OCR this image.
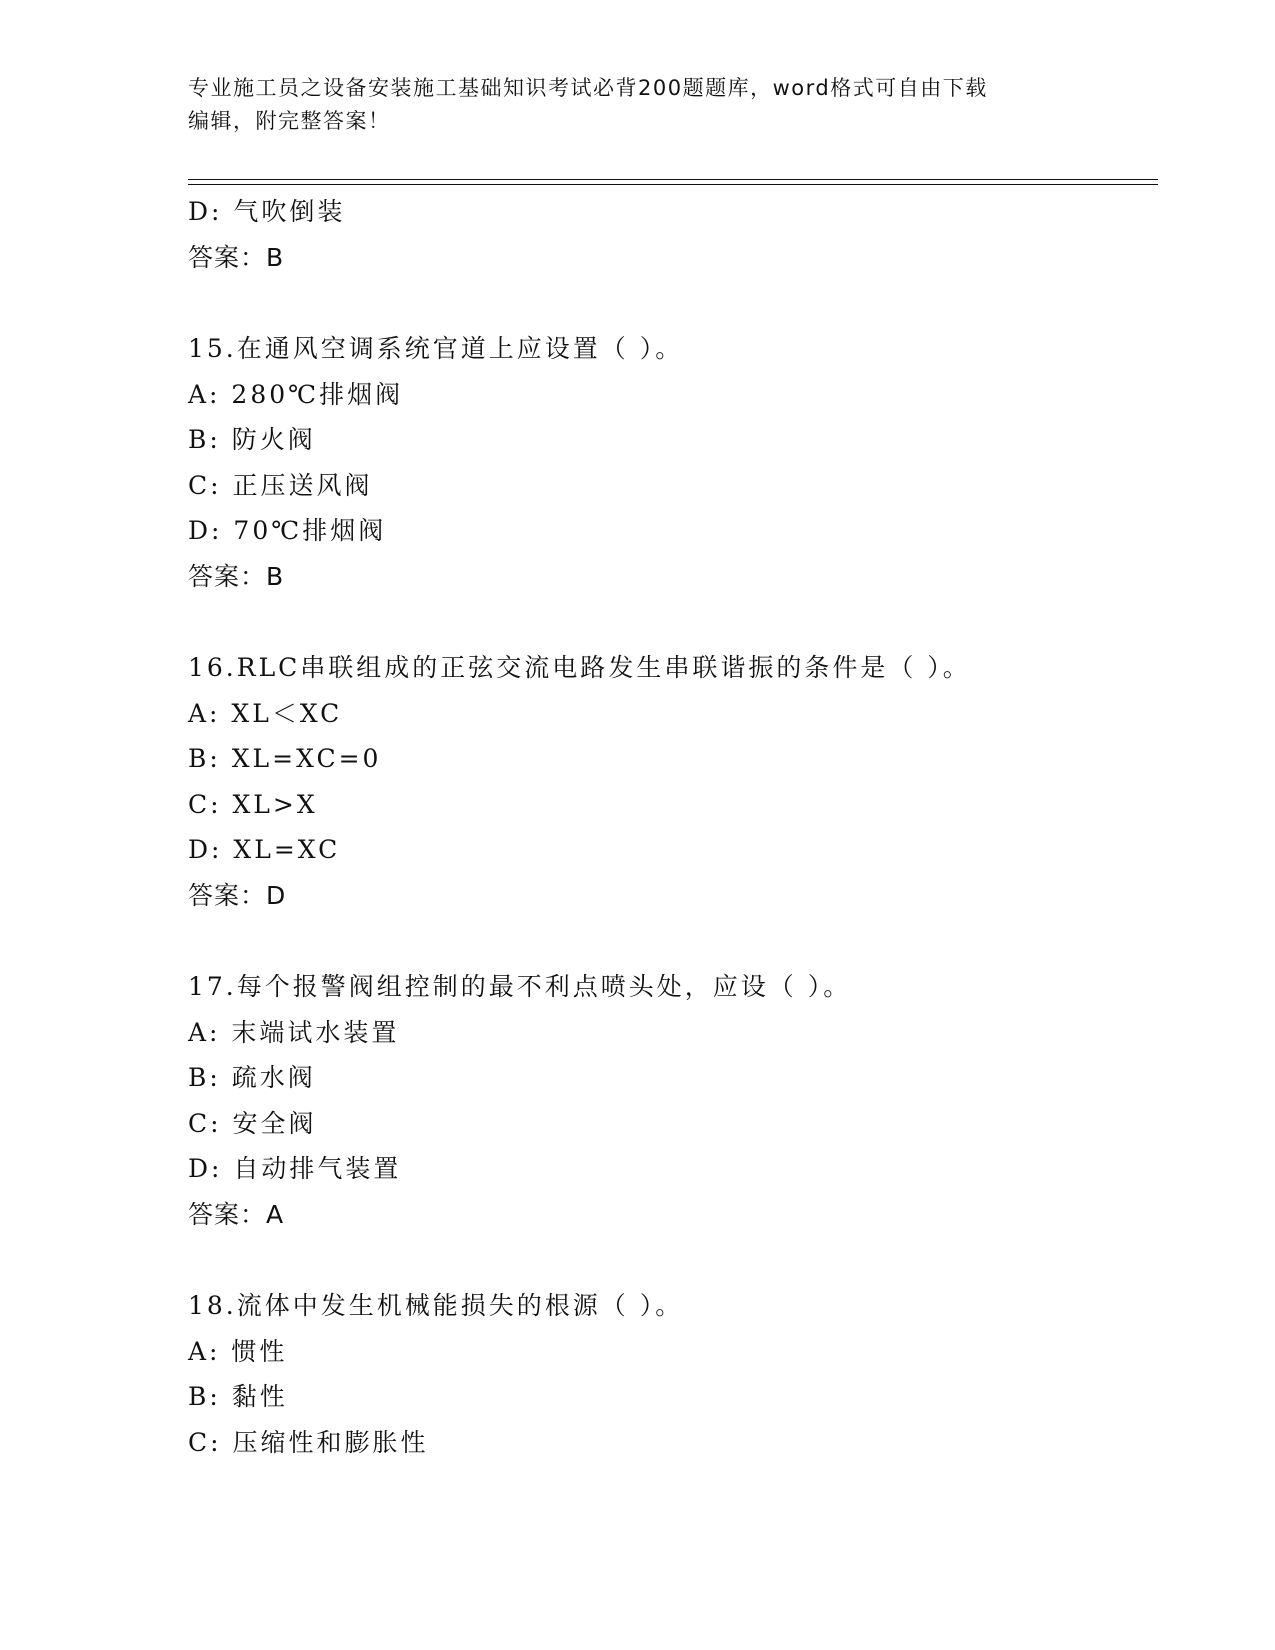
专业施工员之设备安装施工基础知识考试必背200题题库，word格式可自由下载
编辑，附完整答案！
D: 气吹倒装
答案：B
15.在通风空调系统官道上应设置（ ）。
A: 280℃排烟阀
B: 防火阀
C: 正压送风阀
D: 70℃排烟阀
答案：B
16.RLC串联组成的正弦交流电路发生串联谐振的条件是（ ）。
A: XL＜XC
B: XL=XC=0
C: XL>X
D: XL=XC
答案：D
17.每个报警阀组控制的最不利点喷头处，应设（ ）。
A: 末端试水装置
B: 疏水阀
C: 安全阀
D: 自动排气装置
答案：A
18.流体中发生机械能损失的根源（ ）。
A: 惯性
B: 黏性
C: 压缩性和膨胀性
